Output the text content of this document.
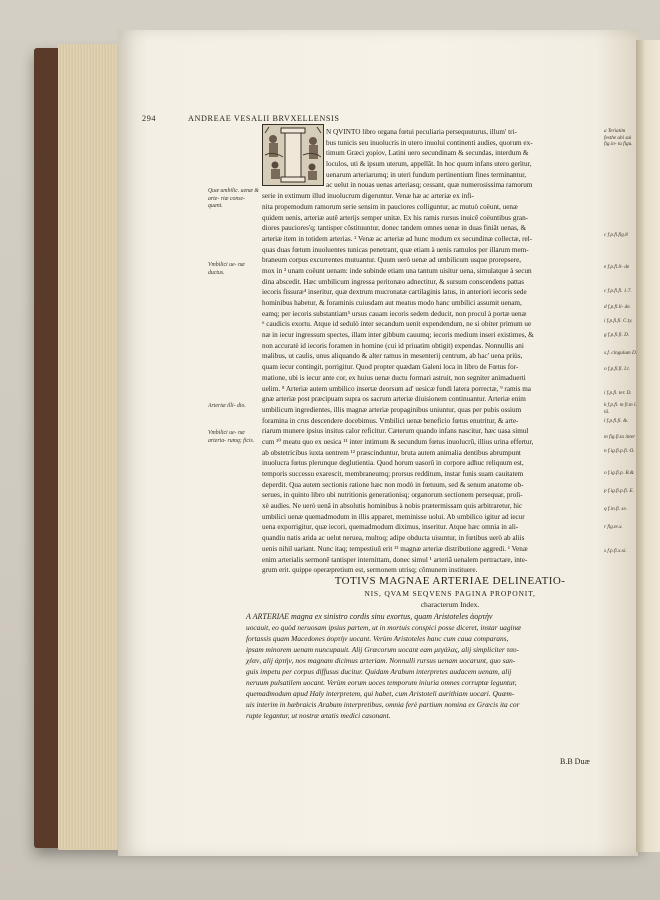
294	ANDREAE VESALII BRVXELLENSIS
N QVINTO libro organa fœtui peculiaria persequuturus, illum' tri-
bus tunicis seu inuolucris in utero inuolui continenti audies, quorum ex-
timum Græci χορίον, Latini uero secundinam & secundas, interdum &
loculos, uti & ipsum uterum, appellãt. In hoc quum infans utero gerìtur,
uenarum arteriarumq; in uteri fundum pertinentium fines terminantur,
ac uelut in nouas uenas arteriasq; cessant, quæ numerosissima ramorum
serie in extimum illud inuolucrum digeruntur. Venæ hæ ac arteriæ ex infi-
nita propemodum ramorum serie sensim in pauciores colliguntur, ac mutuò coëunt, uenæ
quidem uenis, arteriæ autẽ arterijs semper unitæ. Ex his ramis rursus inuicẽ coëuntibus gran-
diores pauciores'q; tantisper cõstituuntur, donec tandem omnes uenæ in duas finiãt uenas, &
arteriæ item in totidem arterias. ² Venæ ac arteriæ ad hunc modum ex secundinæ collectæ, rel-
quas duas fœtum inuoluentes tunicas penetrant, quæ etiam à uenis ramulos per illarum mem-
braneum corpus excurrentes mutuantur. Quum uerò uenæ ad umbilicum usque prorepsere,
mox in ³ unam coëunt uenam: inde subinde etiam una tantum uisitur uena, simulatque à secun
dina abscedit. Hæc umbilicum ingressa peritonæo adnectitur, & sursum conscendens pattas
iecoris fissuræ⁴ inseritur, quæ dextrum mucronatæ cartilaginis latus, in anteriori iecoris sede
hominibus habetur, & foraminis cuiusdam aut meatus modo hanc umbilici assumit uenam,
eamq; per iecoris substantiam⁵ ursus cauam iecoris sedem deducit, non procul à portæ uenæ
⁶ caudicis exortu. Atque id sedulò inter secandum uenit expendendum, ne si obiter primum ue
næ in iecur ingressum spectes, illam inter gibbum cauumq; iecoris medium inseri existimes, &
non accuratè id iecoris foramen in homine (cui id priuatim obtigit) expendas. Nonnullis ani
malibus, ut caulis, unus aliquando & alter ramus in mesenterij centrum, ab hac' uena priùs,
quam iecur contingit, porrigitur. Quod propter quædam Galeni loca in libro de Fœtus for-
matione, ubi is iecur ante cor, ex huius uenæ ductu formari astruit, non segniter animaduerti
uelim. ⁸ Arteriæ autem umbilico insertæ deorsum ad' uesicæ fundi latera porrectæ, ⁹ ramis ma
gnæ arteriæ post præcipuam supra os sacrum arteriæ diuisionem continuantur. Arteriæ enim
umbilicum ingredientes, illis magnæ arteriæ propaginibus uniuntur, quas per pubis ossium
foramina in crus descendere docebimus. Vmbilici uenæ beneficio fœtus enutritur, & arte-
riarum munere ipsius insitus calor reficitur. Cæterum quando infans nascitur, hæc uasa simul
cum ¹⁰ meatu quo ex uesica ¹¹ inter intimum & secundum fœtus inuolucrũ, illius urina effertur,
ab obstetricibus iuxta uentrem ¹² præscinduntur, bruta autem animalia dentibus abrumpunt
inuolucra fœtus plerunque deglutientia. Quod horum uasorũ in corpore adhuc reliquum est,
temporis successu exarescit, membraneumq; prorsus redditum, instar funis suam cauitatem
deperdit. Qua autem sectionis ratione hæc non modò in fœtuum, sed & senum anatome ob-
serues, in quinto libro ubi nutritionis generationisq; organorum sectionem persequar, proli-
xè audies. Ne uerò uenã in absolutis hominibus à nobis prætermissam quis arbitraretur, hic
umbilici uenæ quemadmodum in illis apparet, meminisse uolui. Ab umbilico igitur ad iecur
uena exporrigitur, quæ iecori, quemadmodum diximus, inseritur. Atque hæc omnia in ali-
quandiu natis arida ac uelut neruea, multoq; adipe obducta uisuntur, in fœtibus uerò ab aliis
uenis nihil uariant. Nunc itaq; tempestiuũ erit ¹³ magnæ arteriæ distributione aggredi. ¹ Venæ
enim arterialis sermonẽ tantisper internittam, donec simul ¹ arteriã uenalem pertractare, inte-
grum erit. quippe operæpretium est, sermonem utrisq; cõmunem instituere.
Quæ umbilic. uenæ & arte- riæ conse- quant.
Vmbilici ue- næ ductus.
Arteriæ illi- dio.
Vmbilici ue- næ arteria- rumq; ficis.
a Teriatim festhe ubi sui fig.in- tu figu.
c f.p.fi.fig.8
e f.p.fi.li- de
c f.p.fi.fi. 1.7.
d f.p.fi.li- de.
i f.p.fi.fi. C.ty.
g f.p.fi.fi. D.
s.f. cingulum D.
o f.p.fi.fi. I.t.
i f.p.fi. ter. D.
k f.p.fi. m fi.m l. tã.
l f.p.fi.fi. &.
m fig.fi.ta inter
n f.ig.fi.p.fi. O.
o f.ig.fi.p. B.&
p f.ig.fi.p.fi. E.
q f.in.fi. se.
r fig.te.x.
s f.p.fi.x.xi.
TOTIVS MAGNAE ARTERIAE DELINEATIO-
NIS, QVAM SEQVENS PAGINA PROPONIT,
characterum Index.
A ARTERIAE magna ex sinistro cordis sinu exortus, quam Aristoteles ἀορτὴν
uocauit, eo quòd neruosam ipsius partem, ut in mortuis conspici posse diceret, instar uaginæ
fortassis quam Macedones ἀορτὴν uocant. Verùm Aristoteles hanc cum caua comparans,
ipsam minorem uenam nuncupauit. Alij Græcorum uocant eam μεγάλας, alij simpliciter ταυ-
χέαν, alij ἀρτὴν, nos magnam dicimus arteriam. Nonnulli rursus uenam uocarunt, quo san-
guis impetu per corpus diffusus ducitur. Quidam Arabum interpretes audacem uenam, alij
neruum pulsatilem uocant. Verùm eorum uoces temporum iniuria omnes corruptæ leguntur,
quemadmodum apud Haly interpretem, qui habet, cum Aristoteli aurithiam uocari. Quæm-
uis interim in hæbraicis Arabum interpretibus, omnia ferè partium nomina ex Græcis ita cor
rupte legantur, ut nostræ ætatis medici casonant.
B.B Duæ
